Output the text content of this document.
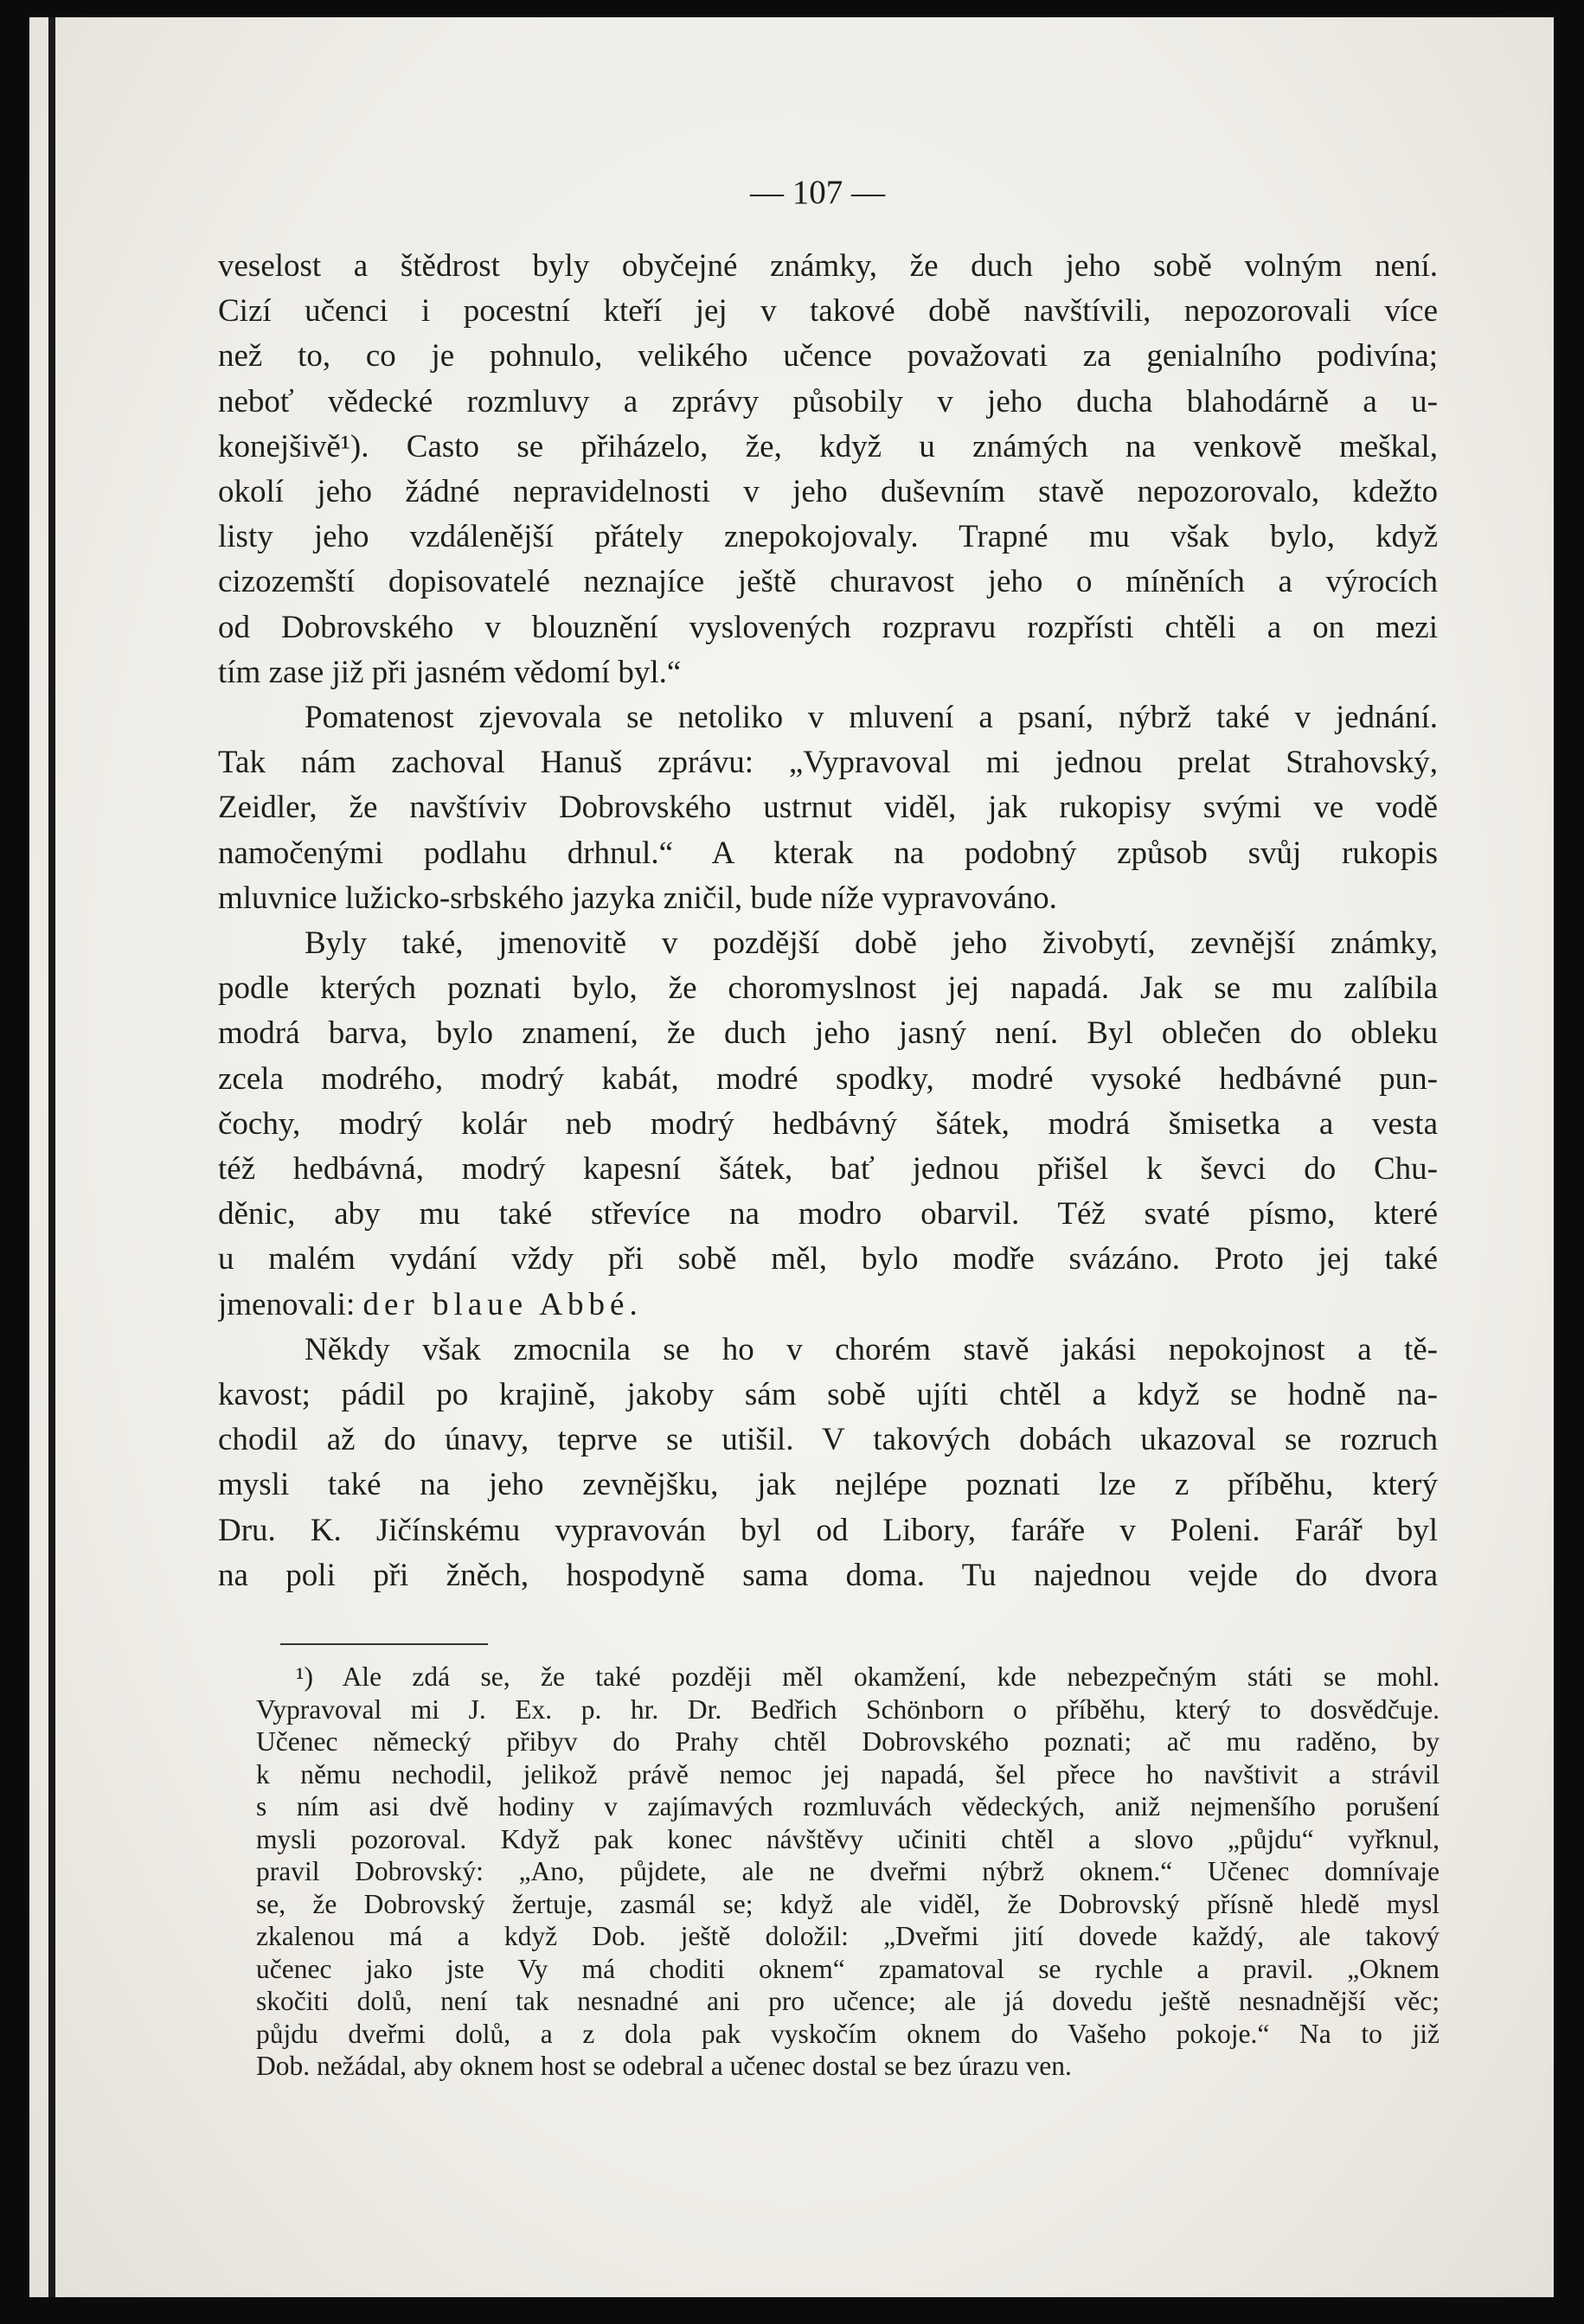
— 107 —

veselost a štědrost byly obyčejné známky, že duch jeho sobě volným není.
Cizí učenci i pocestní kteří jej v takové době navštívili, nepozorovali více
než to, co je pohnulo, velikého učence považovati za genialního podivína;
neboť vědecké rozmluvy a zprávy působily v jeho ducha blahodárně a u-
konejšivě¹). Casto se přiházelo, že, když u známých na venkově meškal,
okolí jeho žádné nepravidelnosti v jeho duševním stavě nepozorovalo, kdežto
listy jeho vzdálenější přátely znepokojovaly. Trapné mu však bylo, když
cizozemští dopisovatelé neznajíce ještě churavost jeho o míněních a výrocích
od Dobrovského v blouznění vyslovených rozpravu rozpřísti chtěli a on mezi
tím zase již při jasném vědomí byl.“

Pomatenost zjevovala se netoliko v mluvení a psaní, nýbrž také v jednání.
Tak nám zachoval Hanuš zprávu: „Vypravoval mi jednou prelat Strahovský,
Zeidler, že navštíviv Dobrovského ustrnut viděl, jak rukopisy svými ve vodě
namočenými podlahu drhnul.“ A kterak na podobný způsob svůj rukopis
mluvnice lužicko-srbského jazyka zničil, bude níže vypravováno.

Byly také, jmenovitě v pozdější době jeho živobytí, zevnější známky,
podle kterých poznati bylo, že choromyslnost jej napadá. Jak se mu zalíbila
modrá barva, bylo znamení, že duch jeho jasný není. Byl oblečen do obleku
zcela modrého, modrý kabát, modré spodky, modré vysoké hedbávné pun-
čochy, modrý kolár neb modrý hedbávný šátek, modrá šmisetka a vesta
též hedbávná, modrý kapesní šátek, bať jednou přišel k ševci do Chu-
děnic, aby mu také střevíce na modro obarvil. Též svaté písmo, které
u malém vydání vždy při sobě měl, bylo modře svázáno. Proto jej také
jmenovali: der blaue Abbé.

Někdy však zmocnila se ho v chorém stavě jakási nepokojnost a tě-
kavost; pádil po krajině, jakoby sám sobě ujíti chtěl a když se hodně na-
chodil až do únavy, teprve se utišil. V takových dobách ukazoval se rozruch
mysli také na jeho zevnějšku, jak nejlépe poznati lze z příběhu, který
Dru. K. Jičínskému vypravován byl od Libory, faráře v Poleni. Farář byl
na poli při žněch, hospodyně sama doma. Tu najednou vejde do dvora

¹) Ale zdá se, že také později měl okamžení, kde nebezpečným státi se mohl.
Vypravoval mi J. Ex. p. hr. Dr. Bedřich Schönborn o příběhu, který to dosvědčuje.
Učenec německý přibyv do Prahy chtěl Dobrovského poznati; ač mu raděno, by
k němu nechodil, jelikož právě nemoc jej napadá, šel přece ho navštivit a strávil
s ním asi dvě hodiny v zajímavých rozmluvách vědeckých, aniž nejmenšího porušení
mysli pozoroval. Když pak konec návštěvy učiniti chtěl a slovo „půjdu“ vyřknul,
pravil Dobrovský: „Ano, půjdete, ale ne dveřmi nýbrž oknem.“ Učenec domnívaje
se, že Dobrovský žertuje, zasmál se; když ale viděl, že Dobrovský přísně hledě mysl
zkalenou má a když Dob. ještě doložil: „Dveřmi jití dovede každý, ale takový
učenec jako jste Vy má choditi oknem“ zpamatoval se rychle a pravil. „Oknem
skočiti dolů, není tak nesnadné ani pro učence; ale já dovedu ještě nesnadnější věc;
půjdu dveřmi dolů, a z dola pak vyskočím oknem do Vašeho pokoje.“ Na to již
Dob. nežádal, aby oknem host se odebral a učenec dostal se bez úrazu ven.
